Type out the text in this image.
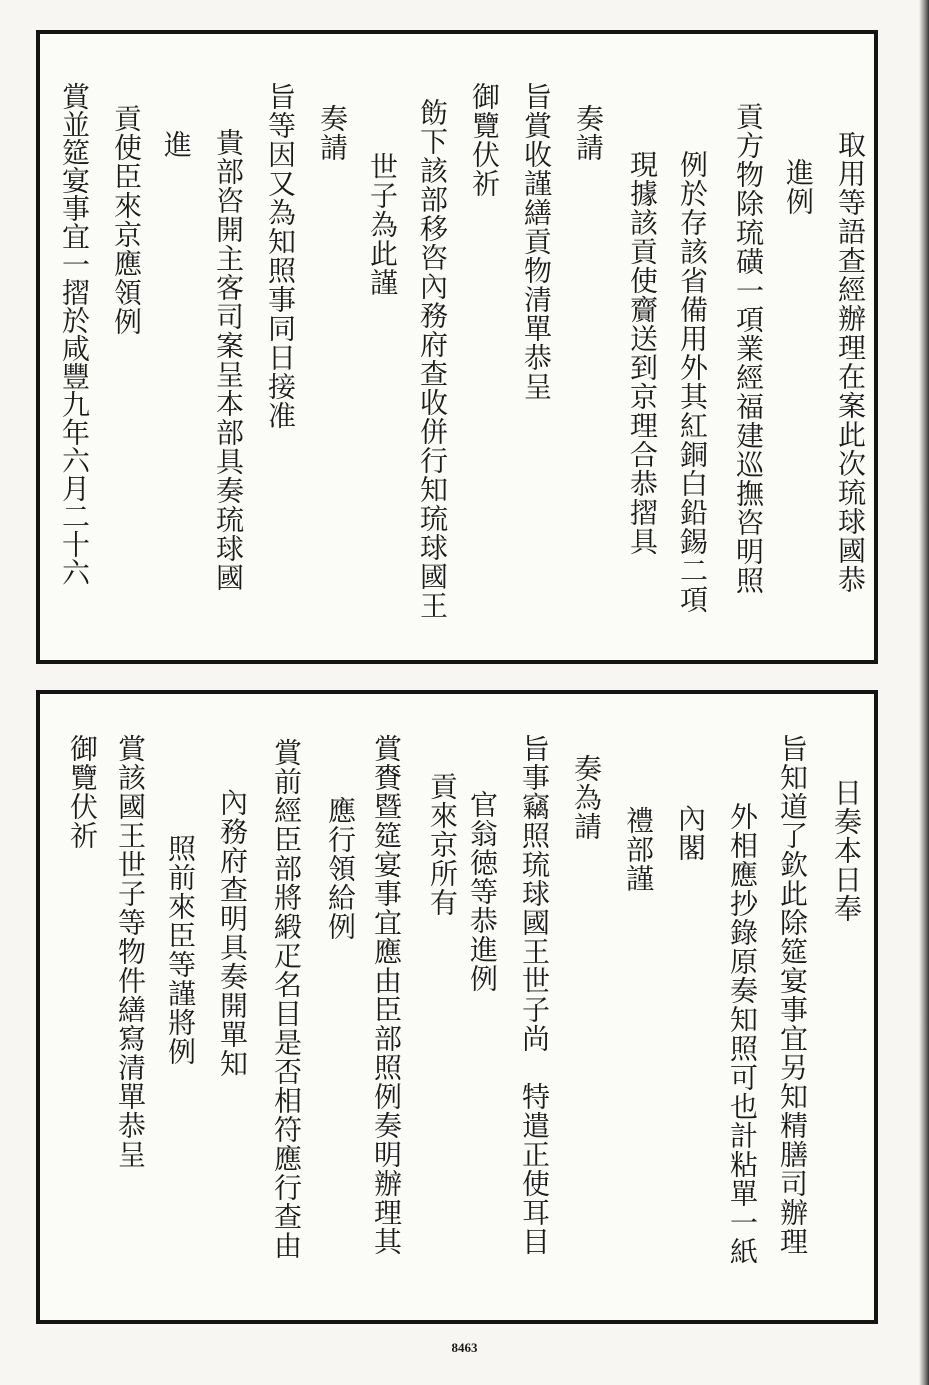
取用等語查經辦理在案此次琉球國恭
進例
貢方物除琉磺一項業經福建巡撫咨明照
例於存該省備用外其紅銅白鉛錫二項
現據該貢使齎送到京理合恭摺具
奏請
旨賞收謹繕貢物清單恭呈
御覽伏祈
飭下該部移咨內務府查收併行知琉球國王
世子為此謹
奏請
旨等因又為知照事同日接准
貴部咨開主客司案呈本部具奏琉球國
進
貢使臣來京應領例
賞並筵宴事宜一摺於咸豐九年六月二十六
日奏本日奉
旨知道了欽此除筵宴事宜另知精膳司辦理
外相應抄錄原奏知照可也計粘單一紙
內閣
禮部謹
奏為請
旨事竊照琉球國王世子尚　特遣正使耳目
官翁徳等恭進例
貢來京所有
賞賚暨筵宴事宜應由臣部照例奏明辦理其
應行領給例
賞前經臣部將緞疋名目是否相符應行查由
內務府查明具奏開單知
照前來臣等謹將例
賞該國王世子等物件繕寫清單恭呈
御覽伏祈
8463
